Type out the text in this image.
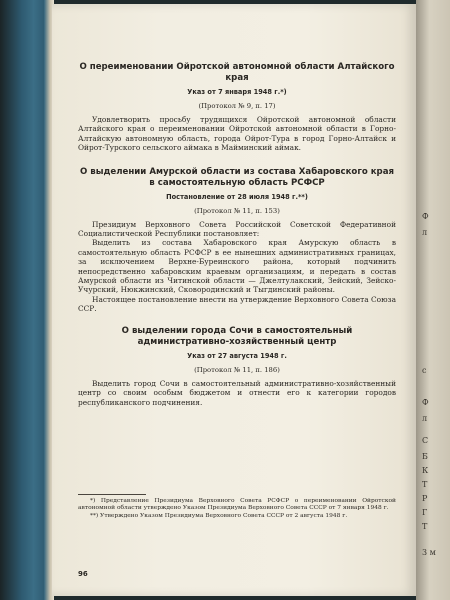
О переименовании Ойротской автономной области Алтайского края

Указ от 7 января 1948 г.*)

(Протокол № 9, п. 17)

Удовлетворить просьбу трудящихся Ойротской автономной области Алтайского края о переименовании Ойротской автономной области в Горно-Алтайскую автономную область, города Ойрот-Тура в город Горно-Алтайск и Ойрот-Турского сельского аймака в Майминский аймак.

О выделении Амурской области из состава Хабаровского края в самостоятельную область РСФСР

Постановление от 28 июля 1948 г.**)

(Протокол № 11, п. 153)

Президиум Верховного Совета Российской Советской Федеративной Социалистической Республики постановляет:

Выделить из состава Хабаровского края Амурскую область в самостоятельную область РСФСР в ее нынешних административных границах, за исключением Верхне-Буреинского района, который подчинить непосредственно хабаровским краевым организациям, и передать в состав Амурской области из Читинской области — Джелтулакский, Зейский, Зейско-Учурский, Нюкжинский, Сковородинский и Тыгдинский районы.

Настоящее постановление внести на утверждение Верховного Совета Союза ССР.

О выделении города Сочи в самостоятельный административно-хозяйственный центр

Указ от 27 августа 1948 г.

(Протокол № 11, п. 186)

Выделить город Сочи в самостоятельный административно-хозяйственный центр со своим особым бюджетом и отнести его к категории городов республиканского подчинения.

*) Представление Президиума Верховного Совета РСФСР о переименовании Ойротской автономной области утверждено Указом Президиума Верховного Совета СССР от 7 января 1948 г.

**) Утверждено Указом Президиума Верховного Совета СССР от 2 августа 1948 г.

96
Ф
л
с
Ф
л
С
Б
К
Т
Р
Г
Т
3 м
